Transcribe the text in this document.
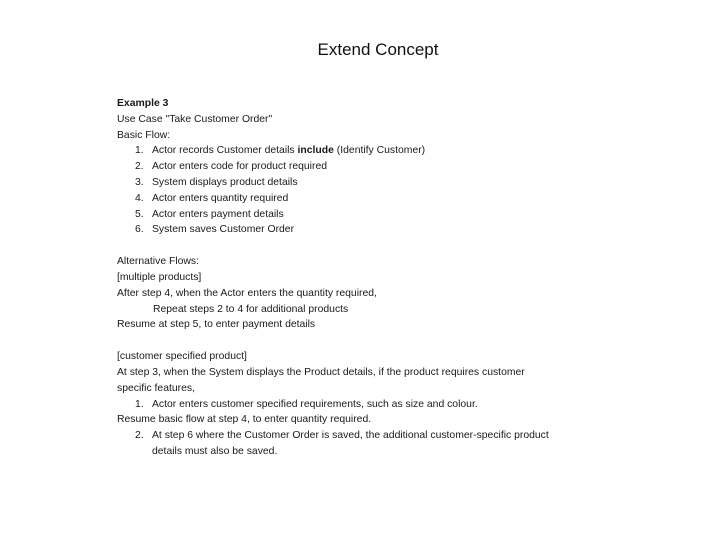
Extend Concept
Example 3
Use Case "Take Customer Order"
Basic Flow:
1. Actor records Customer details include (Identify Customer)
2. Actor enters code for product required
3. System displays product details
4. Actor enters quantity required
5. Actor enters payment details
6. System saves Customer Order
Alternative Flows:
[multiple products]
After step 4, when the Actor enters the quantity required,
Repeat steps 2 to 4 for additional products
Resume at step 5, to enter payment details
[customer specified product]
At step 3, when the System displays the Product details, if the product requires customer specific features,
1. Actor enters customer specified requirements, such as size and colour.
Resume basic flow at step 4, to enter quantity required.
2. At step 6 where the Customer Order is saved, the additional customer-specific product details must also be saved.
